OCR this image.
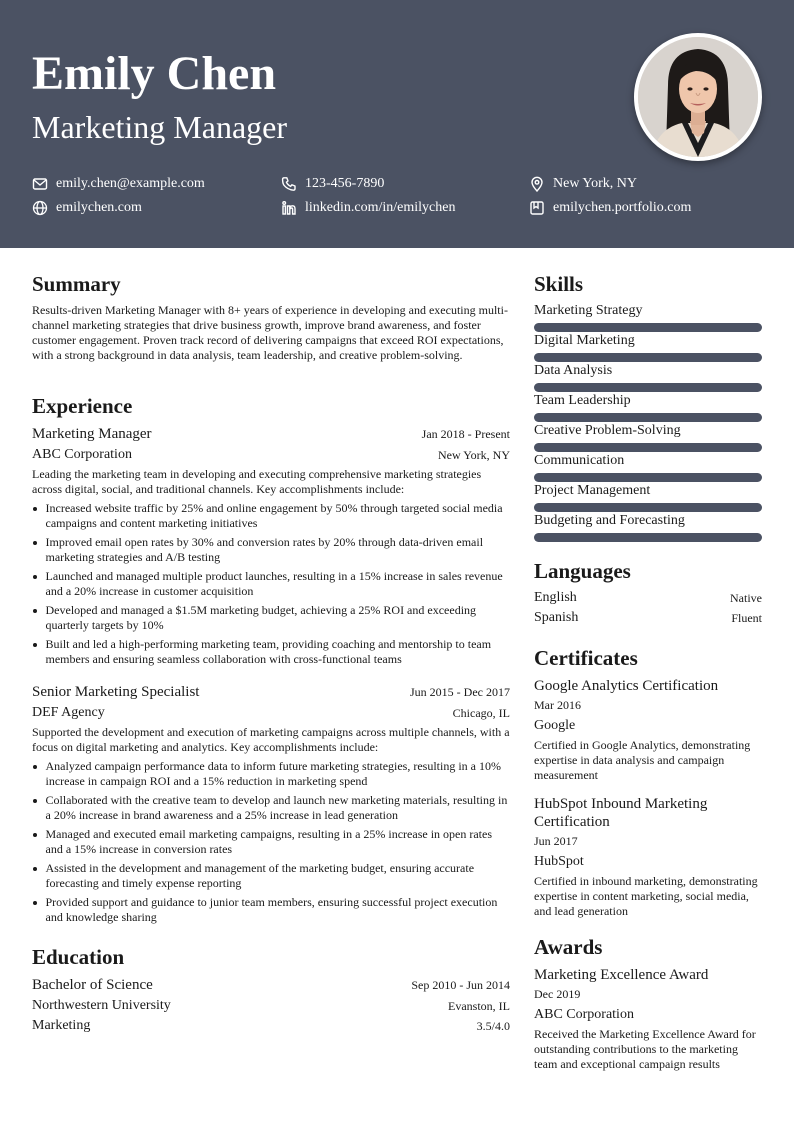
Emily Chen
Marketing Manager
emily.chen@example.com	123-456-7890	New York, NY
emilychen.com	linkedin.com/in/emilychen	emilychen.portfolio.com
Summary
Results-driven Marketing Manager with 8+ years of experience in developing and executing multi-channel marketing strategies that drive business growth, improve brand awareness, and foster customer engagement. Proven track record of delivering campaigns that exceed ROI expectations, with a strong background in data analysis, team leadership, and creative problem-solving.
Experience
Marketing Manager	Jan 2018 - Present
ABC Corporation	New York, NY
Leading the marketing team in developing and executing comprehensive marketing strategies across digital, social, and traditional channels. Key accomplishments include:
Increased website traffic by 25% and online engagement by 50% through targeted social media campaigns and content marketing initiatives
Improved email open rates by 30% and conversion rates by 20% through data-driven email marketing strategies and A/B testing
Launched and managed multiple product launches, resulting in a 15% increase in sales revenue and a 20% increase in customer acquisition
Developed and managed a $1.5M marketing budget, achieving a 25% ROI and exceeding quarterly targets by 10%
Built and led a high-performing marketing team, providing coaching and mentorship to team members and ensuring seamless collaboration with cross-functional teams
Senior Marketing Specialist	Jun 2015 - Dec 2017
DEF Agency	Chicago, IL
Supported the development and execution of marketing campaigns across multiple channels, with a focus on digital marketing and analytics. Key accomplishments include:
Analyzed campaign performance data to inform future marketing strategies, resulting in a 10% increase in campaign ROI and a 15% reduction in marketing spend
Collaborated with the creative team to develop and launch new marketing materials, resulting in a 20% increase in brand awareness and a 25% increase in lead generation
Managed and executed email marketing campaigns, resulting in a 25% increase in open rates and a 15% increase in conversion rates
Assisted in the development and management of the marketing budget, ensuring accurate forecasting and timely expense reporting
Provided support and guidance to junior team members, ensuring successful project execution and knowledge sharing
Education
Bachelor of Science	Sep 2010 - Jun 2014
Northwestern University	Evanston, IL
Marketing	3.5/4.0
Skills
Marketing Strategy
Digital Marketing
Data Analysis
Team Leadership
Creative Problem-Solving
Communication
Project Management
Budgeting and Forecasting
Languages
English	Native
Spanish	Fluent
Certificates
Google Analytics Certification
Mar 2016
Google
Certified in Google Analytics, demonstrating expertise in data analysis and campaign measurement
HubSpot Inbound Marketing Certification
Jun 2017
HubSpot
Certified in inbound marketing, demonstrating expertise in content marketing, social media, and lead generation
Awards
Marketing Excellence Award
Dec 2019
ABC Corporation
Received the Marketing Excellence Award for outstanding contributions to the marketing team and exceptional campaign results
